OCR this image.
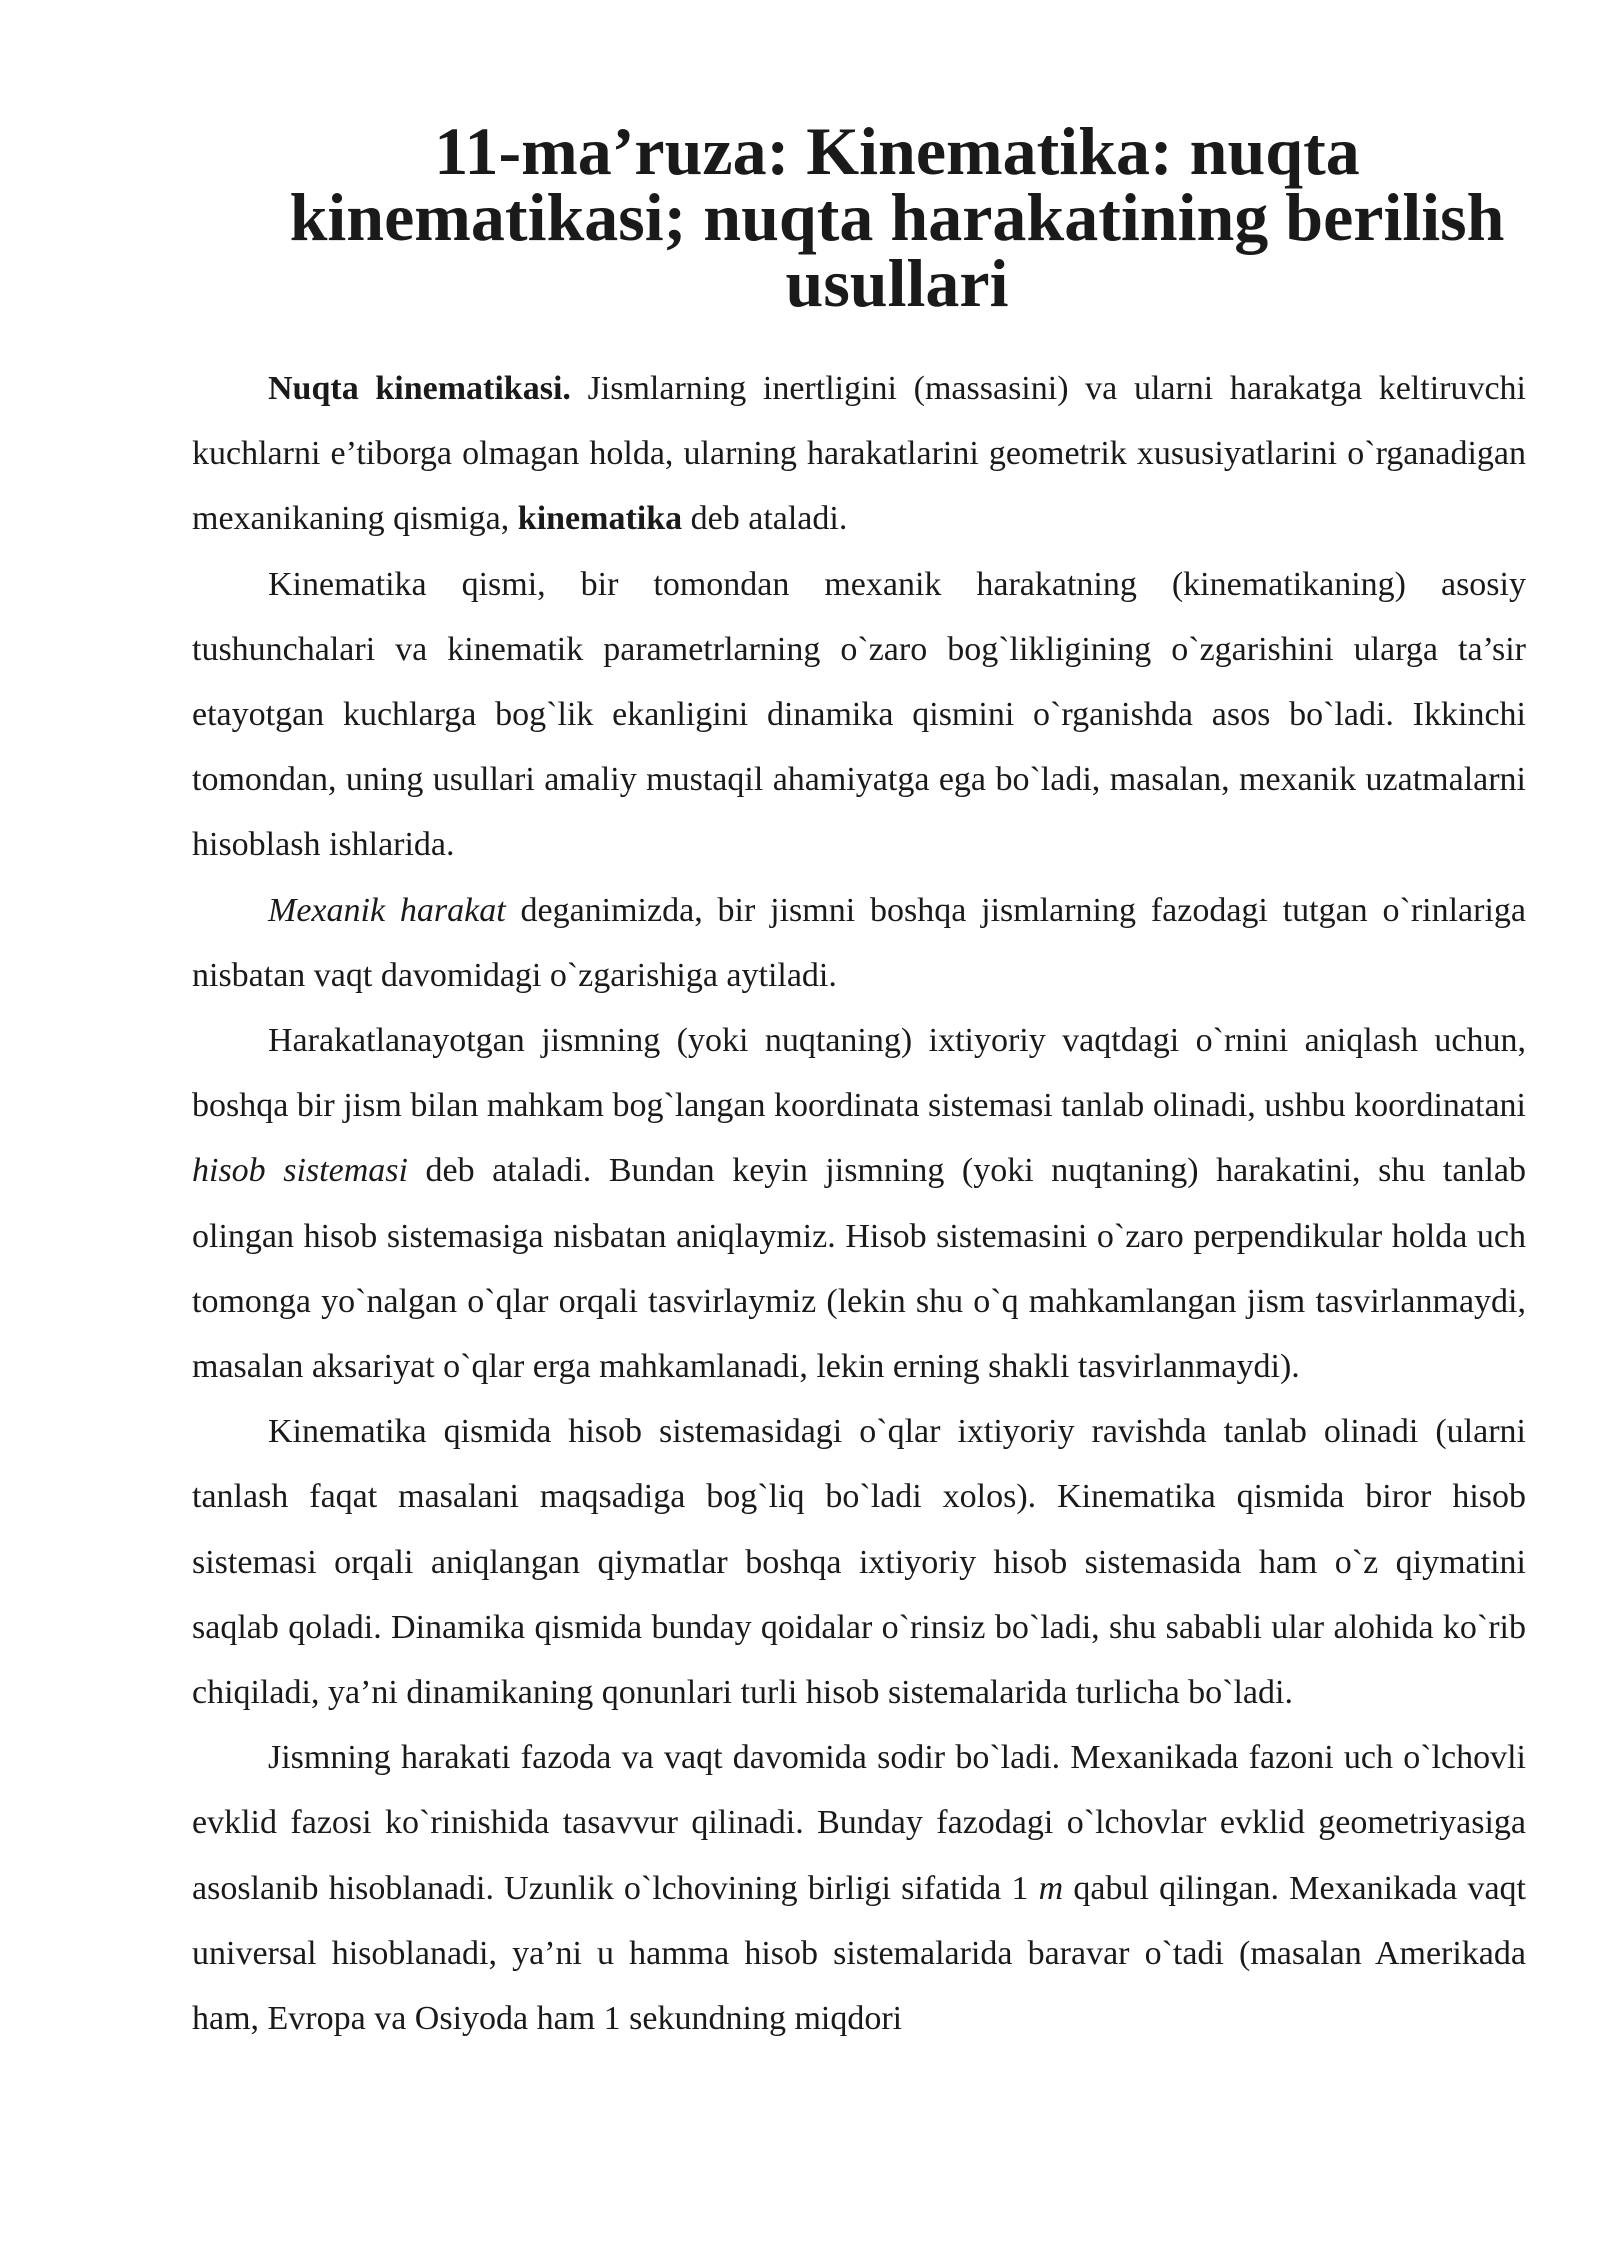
11-ma’ruza: Kinematika: nuqta kinematikasi; nuqta harakatining berilish
usullari

Nuqta kinematikasi. Jismlarning inertligini (massasini) va ularni harakatga keltiruvchi kuchlarni e’tiborga olmagan holda, ularning harakatlarini geometrik xususiyatlarini o`rganadigan mexanikaning qismiga, kinematika deb ataladi.

Kinematika qismi, bir tomondan mexanik harakatning (kinematikaning) asosiy tushunchalari va kinematik parametrlarning o`zaro bog`likligining o`zgarishini ularga ta’sir etayotgan kuchlarga bog`lik ekanligini dinamika qismini o`rganishda asos bo`ladi. Ikkinchi tomondan, uning usullari amaliy mustaqil ahamiyatga ega bo`ladi, masalan, mexanik uzatmalarni hisoblash ishlarida.

Mexanik harakat deganimizda, bir jismni boshqa jismlarning fazodagi tutgan o`rinlariga nisbatan vaqt davomidagi o`zgarishiga aytiladi.

Harakatlanayotgan jismning (yoki nuqtaning) ixtiyoriy vaqtdagi o`rnini aniqlash uchun, boshqa bir jism bilan mahkam bog`langan koordinata sistemasi tanlab olinadi, ushbu koordinatani hisob sistemasi deb ataladi. Bundan keyin jismning (yoki nuqtaning) harakatini, shu tanlab olingan hisob sistemasiga nisbatan aniqlaymiz. Hisob sistemasini o`zaro perpendikular holda uch tomonga yo`nalgan o`qlar orqali tasvirlaymiz (lekin shu o`q mahkamlangan jism tasvirlanmaydi, masalan aksariyat o`qlar erga mahkamlanadi, lekin erning shakli tasvirlanmaydi).

Kinematika qismida hisob sistemasidagi o`qlar ixtiyoriy ravishda tanlab olinadi (ularni tanlash faqat masalani maqsadiga bog`liq bo`ladi xolos). Kinematika qismida biror hisob sistemasi orqali aniqlangan qiymatlar boshqa ixtiyoriy hisob sistemasida ham o`z qiymatini saqlab qoladi. Dinamika qismida bunday qoidalar o`rinsiz bo`ladi, shu sababli ular alohida ko`rib chiqiladi, ya’ni dinamikaning qonunlari turli hisob sistemalarida turlicha bo`ladi.

Jismning harakati fazoda va vaqt davomida sodir bo`ladi. Mexanikada fazoni uch o`lchovli evklid fazosi ko`rinishida tasavvur qilinadi. Bunday fazodagi o`lchovlar evklid geometriyasiga asoslanib hisoblanadi. Uzunlik o`lchovining birligi sifatida 1 m qabul qilingan. Mexanikada vaqt universal hisoblanadi, ya’ni u hamma hisob sistemalarida baravar o`tadi (masalan Amerikada ham, Evropa va Osiyoda ham 1 sekundning miqdori
